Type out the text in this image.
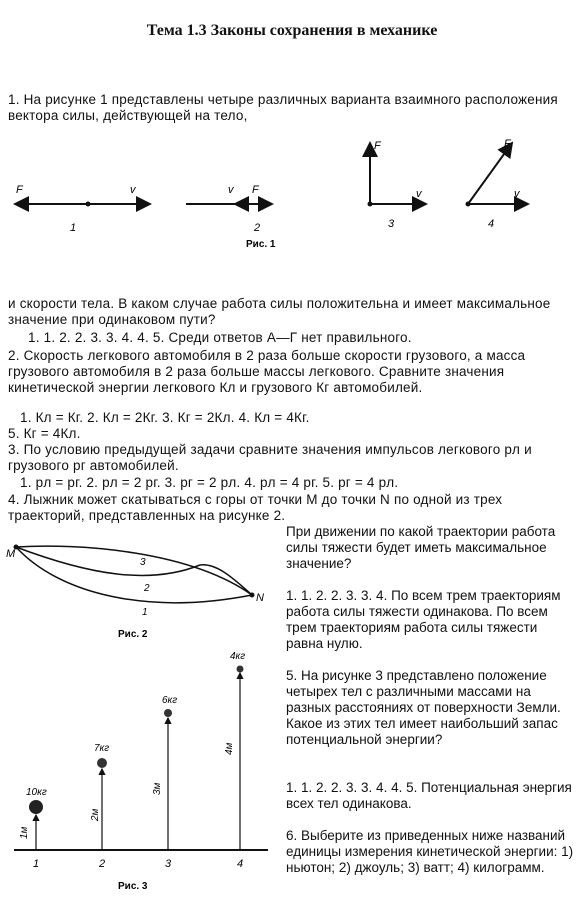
Тема 1.3 Законы сохранения в механике
1. На рисунке 1 представлены четыре различных варианта взаимного расположения вектора силы, действующей на тело,
F	v
1
v F
2
F
v
3
F
v
4
Рис. 1
и скорости тела. В каком случае работа силы положительна и имеет максимальное значение при одинаковом пути?
1. 1. 2. 2. 3. 3. 4. 4. 5. Среди ответов А—Г нет правильного.
2. Скорость легкового автомобиля в 2 раза больше скорости грузового, а масса грузового автомобиля в 2 раза больше массы легкового. Сравните значения кинетической энергии легкового Кл и грузового Кг автомобилей.
1. Кл = Кг. 2. Кл = 2Кг. 3. Кг = 2Кл. 4. Кл = 4Кг.
5. Кг = 4Кл.
3. По условию предыдущей задачи сравните значения импульсов легкового pл и грузового pг автомобилей.
1. pл = pг. 2. pл = 2 pг. 3. pг = 2 pл. 4. pл = 4 pг. 5. pг = 4 pл.
4. Лыжник может скатываться с горы от точки M до точки N по одной из трех траекторий, представленных на рисунке 2.
M
N
3
2
1
Рис. 2
При движении по какой траектории работа силы тяжести будет иметь максимальное значение?
1. 1. 2. 2. 3. 3. 4. По всем трем траекториям работа силы тяжести одинакова. По всем трем траекториям работа силы тяжести равна нулю.
5. На рисунке 3 представлено положение четырех тел с различными массами на разных расстояниях от поверхности Земли. Какое из этих тел имеет наибольший запас потенциальной энергии?
1. 1. 2. 2. 3. 3. 4. 4. 5. Потенциальная энергия всех тел одинакова.
6. Выберите из приведенных ниже названий единицы измерения кинетической энергии: 1) ньютон; 2) джоуль; 3) ватт; 4) килограмм.
10кг
1м
1
7кг
2м
2
6кг
3м
3
4кг
4м
4
Рис. 3
